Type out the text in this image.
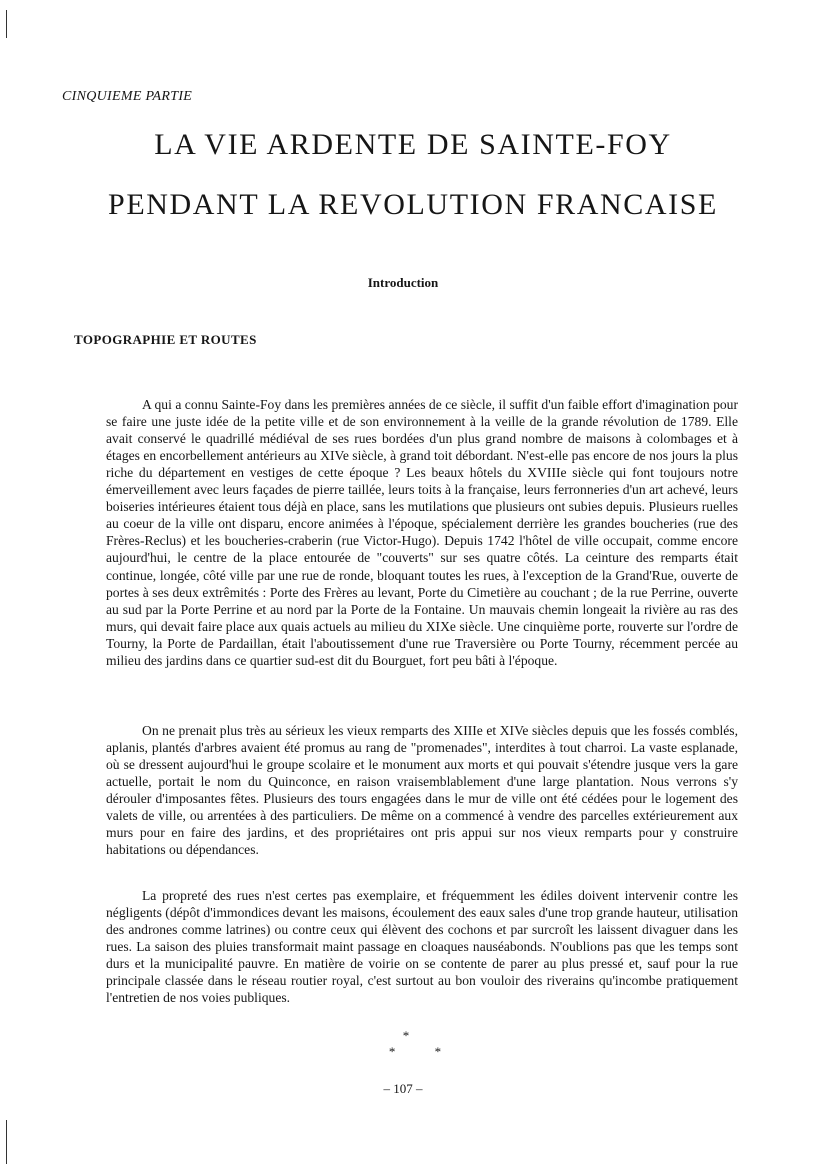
CINQUIEME PARTIE
LA VIE ARDENTE DE SAINTE-FOY
PENDANT LA REVOLUTION FRANCAISE
Introduction
TOPOGRAPHIE ET ROUTES

A qui a connu Sainte-Foy dans les premières années de ce siècle, il suffit d'un faible effort d'imagination pour se faire une juste idée de la petite ville et de son environnement à la veille de la grande révolution de 1789. Elle avait conservé le quadrillé médiéval de ses rues bordées d'un plus grand nombre de maisons à colombages et à étages en encorbellement antérieurs au XIVe siècle, à grand toit débordant. N'est-elle pas encore de nos jours la plus riche du département en vestiges de cette époque ? Les beaux hôtels du XVIIIe siècle qui font toujours notre émerveillement avec leurs façades de pierre taillée, leurs toits à la française, leurs ferronneries d'un art achevé, leurs boiseries intérieures étaient tous déjà en place, sans les mutilations que plusieurs ont subies depuis. Plusieurs ruelles au coeur de la ville ont disparu, encore animées à l'époque, spécialement derrière les grandes boucheries (rue des Frères-Reclus) et les boucheries-craberin (rue Victor-Hugo). Depuis 1742 l'hôtel de ville occupait, comme encore aujourd'hui, le centre de la place entourée de "couverts" sur ses quatre côtés. La ceinture des remparts était continue, longée, côté ville par une rue de ronde, bloquant toutes les rues, à l'exception de la Grand'Rue, ouverte de portes à ses deux extrêmités : Porte des Frères au levant, Porte du Cimetière au couchant ; de la rue Perrine, ouverte au sud par la Porte Perrine et au nord par la Porte de la Fontaine. Un mauvais chemin longeait la rivière au ras des murs, qui devait faire place aux quais actuels au milieu du XIXe siècle. Une cinquième porte, rouverte sur l'ordre de Tourny, la Porte de Pardaillan, était l'aboutissement d'une rue Traversière ou Porte Tourny, récemment percée au milieu des jardins dans ce quartier sud-est dit du Bourguet, fort peu bâti à l'époque.

On ne prenait plus très au sérieux les vieux remparts des XIIIe et XIVe siècles depuis que les fossés comblés, aplanis, plantés d'arbres avaient été promus au rang de "promenades", interdites à tout charroi. La vaste esplanade, où se dressent aujourd'hui le groupe scolaire et le monument aux morts et qui pouvait s'étendre jusque vers la gare actuelle, portait le nom du Quinconce, en raison vraisemblablement d'une large plantation. Nous verrons s'y dérouler d'imposantes fêtes. Plusieurs des tours engagées dans le mur de ville ont été cédées pour le logement des valets de ville, ou arrentées à des particuliers. De même on a commencé à vendre des parcelles extérieurement aux murs pour en faire des jardins, et des propriétaires ont pris appui sur nos vieux remparts pour y construire habitations ou dépendances.

La propreté des rues n'est certes pas exemplaire, et fréquemment les édiles doivent intervenir contre les négligents (dépôt d'immondices devant les maisons, écoulement des eaux sales d'une trop grande hauteur, utilisation des andrones comme latrines) ou contre ceux qui élèvent des cochons et par surcroît les laissent divaguer dans les rues. La saison des pluies transformait maint passage en cloaques nauséabonds. N'oublions pas que les temps sont durs et la municipalité pauvre. En matière de voirie on se contente de parer au plus pressé et, sauf pour la rue principale classée dans le réseau routier royal, c'est surtout au bon vouloir des riverains qu'incombe pratiquement l'entretien de nos voies publiques.

*
* *
– 107 –
